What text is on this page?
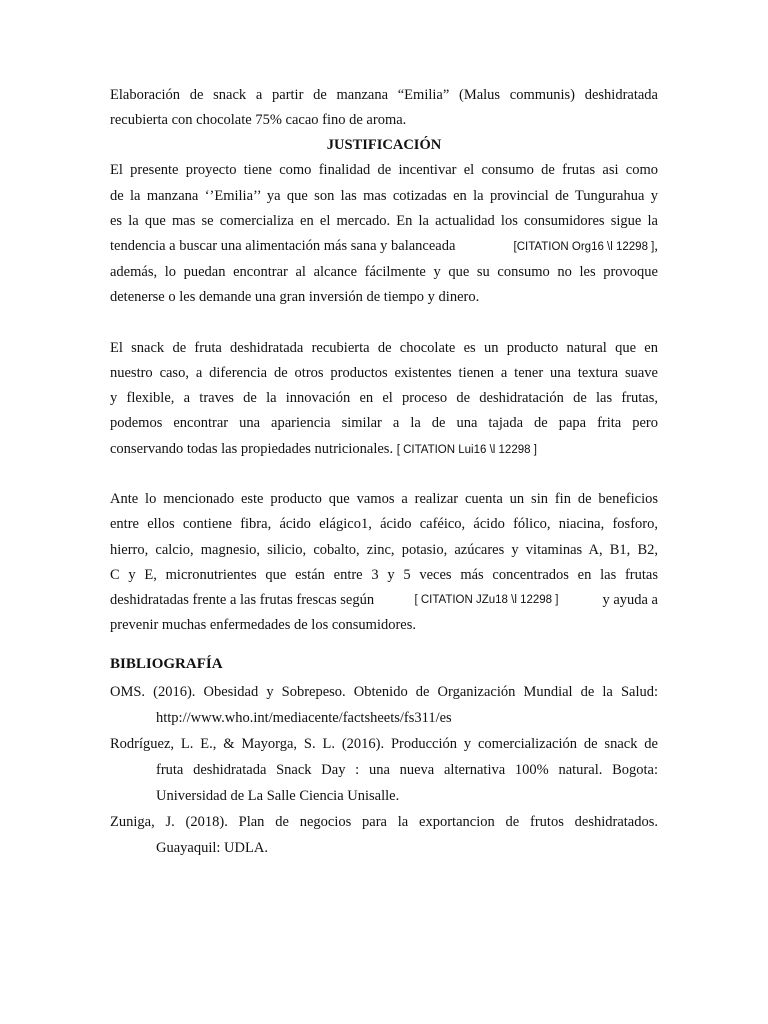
Elaboración de snack a partir de manzana “Emilia” (Malus communis) deshidratada
recubierta con chocolate 75% cacao fino de aroma.
JUSTIFICACIÓN
El presente proyecto tiene como finalidad de incentivar el consumo de frutas asi como
de la manzana ‘’Emilia’’ ya que son las mas cotizadas en la provincial de Tungurahua y
es la que mas se comercializa en el mercado. En la actualidad los consumidores sigue la
tendencia a buscar una alimentación más sana y balanceada	[CITATION Org16 \l 12298 ],
además, lo puedan encontrar al alcance fácilmente y que su consumo no les provoque
detenerse o les demande una gran inversión de tiempo y dinero.
El snack de fruta deshidratada recubierta de chocolate es un producto natural que en
nuestro caso, a diferencia de otros productos existentes tienen a tener una textura suave
y flexible, a traves de la innovación en el proceso de deshidratación de las frutas,
podemos encontrar una apariencia similar a la de una tajada de papa frita pero
conservando todas las propiedades nutricionales. [ CITATION Lui16 \l 12298 ]
Ante lo mencionado este producto que vamos a realizar cuenta un sin fin de beneficios
entre ellos contiene fibra, ácido elágico1, ácido caféico, ácido fólico, niacina, fosforo,
hierro, calcio, magnesio, silicio, cobalto, zinc, potasio, azúcares y vitaminas A, B1, B2,
C y E, micronutrientes que están entre 3 y 5 veces más concentrados en las frutas
deshidratadas frente a las frutas frescas según	[ CITATION JZu18 \l 12298 ]	y ayuda a
prevenir muchas enfermedades de los consumidores.
BIBLIOGRAFÍA
OMS. (2016). Obesidad y Sobrepeso. Obtenido de Organización Mundial de la Salud:
http://www.who.int/mediacente/factsheets/fs311/es
Rodríguez, L. E., & Mayorga, S. L. (2016). Producción y comercialización de snack de
fruta deshidratada Snack Day : una nueva alternativa 100% natural. Bogota:
Universidad de La Salle Ciencia Unisalle.
Zuniga, J. (2018). Plan de negocios para la exportancion de frutos deshidratados.
Guayaquil: UDLA.
